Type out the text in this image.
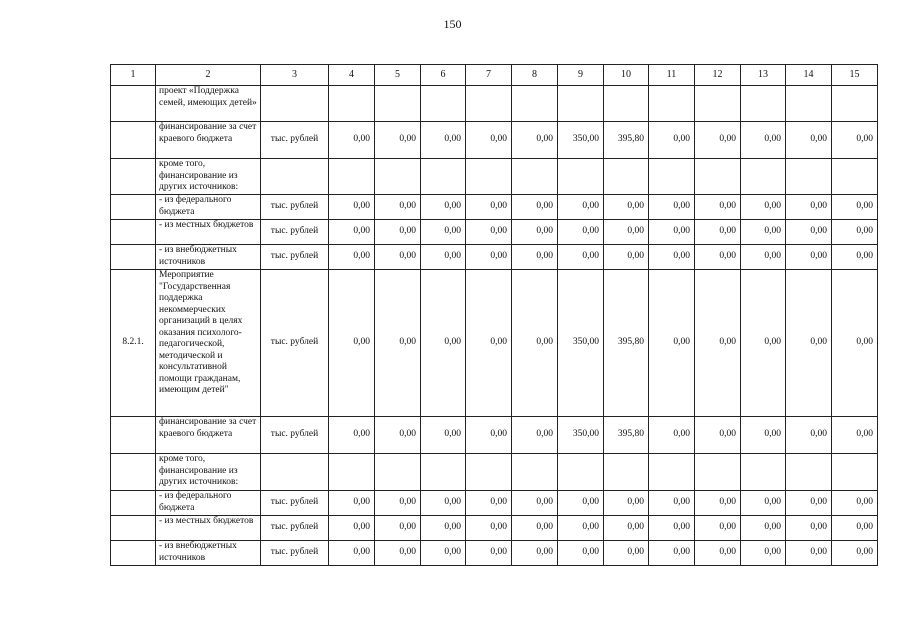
150
1	2	3	4	5	6	7	8	9	10	11	12	13	14	15
	проект «Поддержка семей, имеющих детей»													
	финансирование за счет краевого бюджета	тыс. рублей	0,00	0,00	0,00	0,00	0,00	350,00	395,80	0,00	0,00	0,00	0,00	0,00
	кроме того, финансирование из других источников:													
	- из федерального бюджета	тыс. рублей	0,00	0,00	0,00	0,00	0,00	0,00	0,00	0,00	0,00	0,00	0,00	0,00
	- из местных бюджетов	тыс. рублей	0,00	0,00	0,00	0,00	0,00	0,00	0,00	0,00	0,00	0,00	0,00	0,00
	- из внебюджетных источников	тыс. рублей	0,00	0,00	0,00	0,00	0,00	0,00	0,00	0,00	0,00	0,00	0,00	0,00
8.2.1.	Мероприятие "Государственная поддержка некоммерческих организаций в целях оказания психолого-педагогической, методической и консультативной помощи гражданам, имеющим детей"	тыс. рублей	0,00	0,00	0,00	0,00	0,00	350,00	395,80	0,00	0,00	0,00	0,00	0,00
	финансирование за счет краевого бюджета	тыс. рублей	0,00	0,00	0,00	0,00	0,00	350,00	395,80	0,00	0,00	0,00	0,00	0,00
	кроме того, финансирование из других источников:													
	- из федерального бюджета	тыс. рублей	0,00	0,00	0,00	0,00	0,00	0,00	0,00	0,00	0,00	0,00	0,00	0,00
	- из местных бюджетов	тыс. рублей	0,00	0,00	0,00	0,00	0,00	0,00	0,00	0,00	0,00	0,00	0,00	0,00
	- из внебюджетных источников	тыс. рублей	0,00	0,00	0,00	0,00	0,00	0,00	0,00	0,00	0,00	0,00	0,00	0,00
